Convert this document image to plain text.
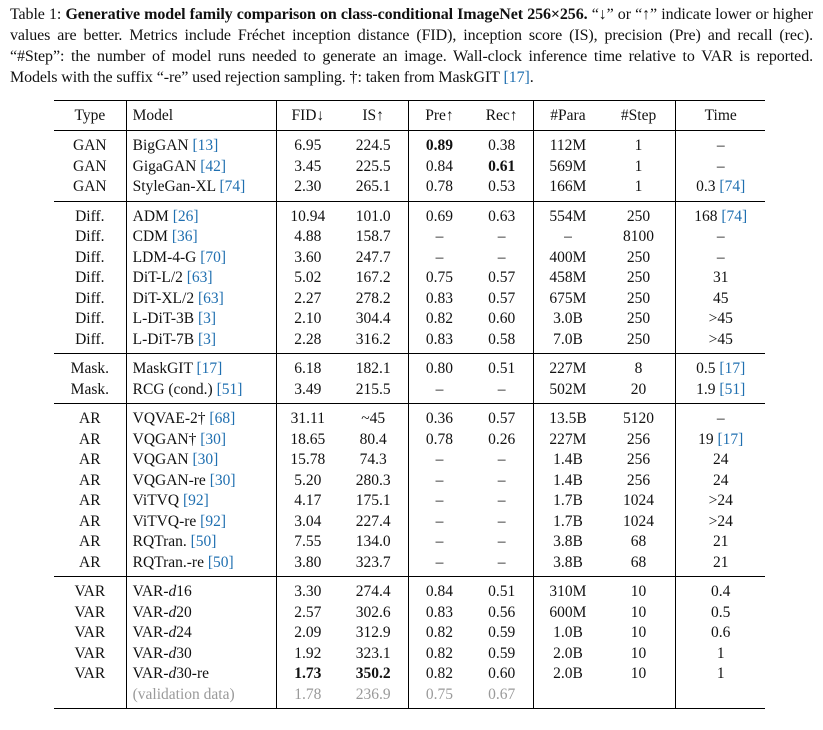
Table 1: Generative model family comparison on class-conditional ImageNet 256×256. “↓” or “↑” indicate lower or higher values are better. Metrics include Fréchet inception distance (FID), inception score (IS), precision (Pre) and recall (rec). “#Step”: the number of model runs needed to generate an image. Wall-clock inference time relative to VAR is reported. Models with the suffix “-re” used rejection sampling. †: taken from MaskGIT [17].

Type	Model	FID↓	IS↑	Pre↑	Rec↑	#Para	#Step	Time
GAN	BigGAN [13]	6.95	224.5	0.89	0.38	112M	1	–
GAN	GigaGAN [42]	3.45	225.5	0.84	0.61	569M	1	–
GAN	StyleGan-XL [74]	2.30	265.1	0.78	0.53	166M	1	0.3 [74]
Diff.	ADM [26]	10.94	101.0	0.69	0.63	554M	250	168 [74]
Diff.	CDM [36]	4.88	158.7	–	–	–	8100	–
Diff.	LDM-4-G [70]	3.60	247.7	–	–	400M	250	–
Diff.	DiT-L/2 [63]	5.02	167.2	0.75	0.57	458M	250	31
Diff.	DiT-XL/2 [63]	2.27	278.2	0.83	0.57	675M	250	45
Diff.	L-DiT-3B [3]	2.10	304.4	0.82	0.60	3.0B	250	>45
Diff.	L-DiT-7B [3]	2.28	316.2	0.83	0.58	7.0B	250	>45
Mask.	MaskGIT [17]	6.18	182.1	0.80	0.51	227M	8	0.5 [17]
Mask.	RCG (cond.) [51]	3.49	215.5	–	–	502M	20	1.9 [51]
AR	VQVAE-2† [68]	31.11	~45	0.36	0.57	13.5B	5120	–
AR	VQGAN† [30]	18.65	80.4	0.78	0.26	227M	256	19 [17]
AR	VQGAN [30]	15.78	74.3	–	–	1.4B	256	24
AR	VQGAN-re [30]	5.20	280.3	–	–	1.4B	256	24
AR	ViTVQ [92]	4.17	175.1	–	–	1.7B	1024	>24
AR	ViTVQ-re [92]	3.04	227.4	–	–	1.7B	1024	>24
AR	RQTran. [50]	7.55	134.0	–	–	3.8B	68	21
AR	RQTran.-re [50]	3.80	323.7	–	–	3.8B	68	21
VAR	VAR-d16	3.30	274.4	0.84	0.51	310M	10	0.4
VAR	VAR-d20	2.57	302.6	0.83	0.56	600M	10	0.5
VAR	VAR-d24	2.09	312.9	0.82	0.59	1.0B	10	0.6
VAR	VAR-d30	1.92	323.1	0.82	0.59	2.0B	10	1
VAR	VAR-d30-re	1.73	350.2	0.82	0.60	2.0B	10	1
	(validation data)	1.78	236.9	0.75	0.67			
